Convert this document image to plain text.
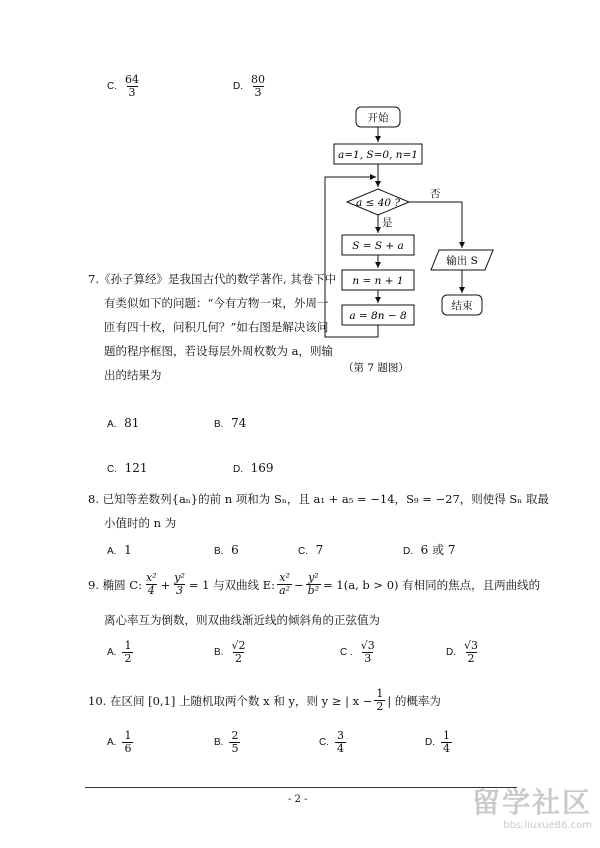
C. $\frac{64}{3}$	D. $\frac{80}{3}$
开始
a=1, S=0, n=1
a ≤ 40 ?
是
否
S = S + a
n = n + 1
a = 8n − 8
输出 S
结束
（第 7 题图）
7.《孙子算经》是我国古代的数学著作, 其卷下中
有类似如下的问题：“今有方物一束，外周一
匝有四十枚，问积几何？”如右图是解决该问
题的程序框图，若设每层外周枚数为 a，则输
出的结果为
A. 81	B. 74
C. 121	D. 169
8. 已知等差数列{aₙ}的前 n 项和为 Sₙ，且 a₁ + a₅ = −14，S₉ = −27，则使得 Sₙ 取最
小值时的 n 为
A. 1	B. 6	C. 7	D. 6 或 7
9. 椭圆 C: $\frac{\text{x²}}{4} + \frac{\text{y²}}{3} = 1$ 与双曲线 E: $\frac{\text{x²}}{\text{a²}} - \frac{\text{y²}}{\text{b²}} = 1(a$, b > 0) 有相同的焦点，且两曲线的
离心率互为倒数，则双曲线渐近线的倾斜角的正弦值为
A. $\frac{1}{2}$	B. $\frac{√2}{2}$	C . $\frac{√3}{3}$	D. $\frac{√3}{2}$
10. 在区间 [0,1] 上随机取两个数 x 和 y，则 y ≥ | $x - \frac{1}{2}$ | 的概率为
A. $\frac{1}{6}$	B. $\frac{2}{5}$	C. $\frac{3}{4}$	D. $\frac{1}{4}$
- 2 -	留学社区
bbs.liuxue86.com
